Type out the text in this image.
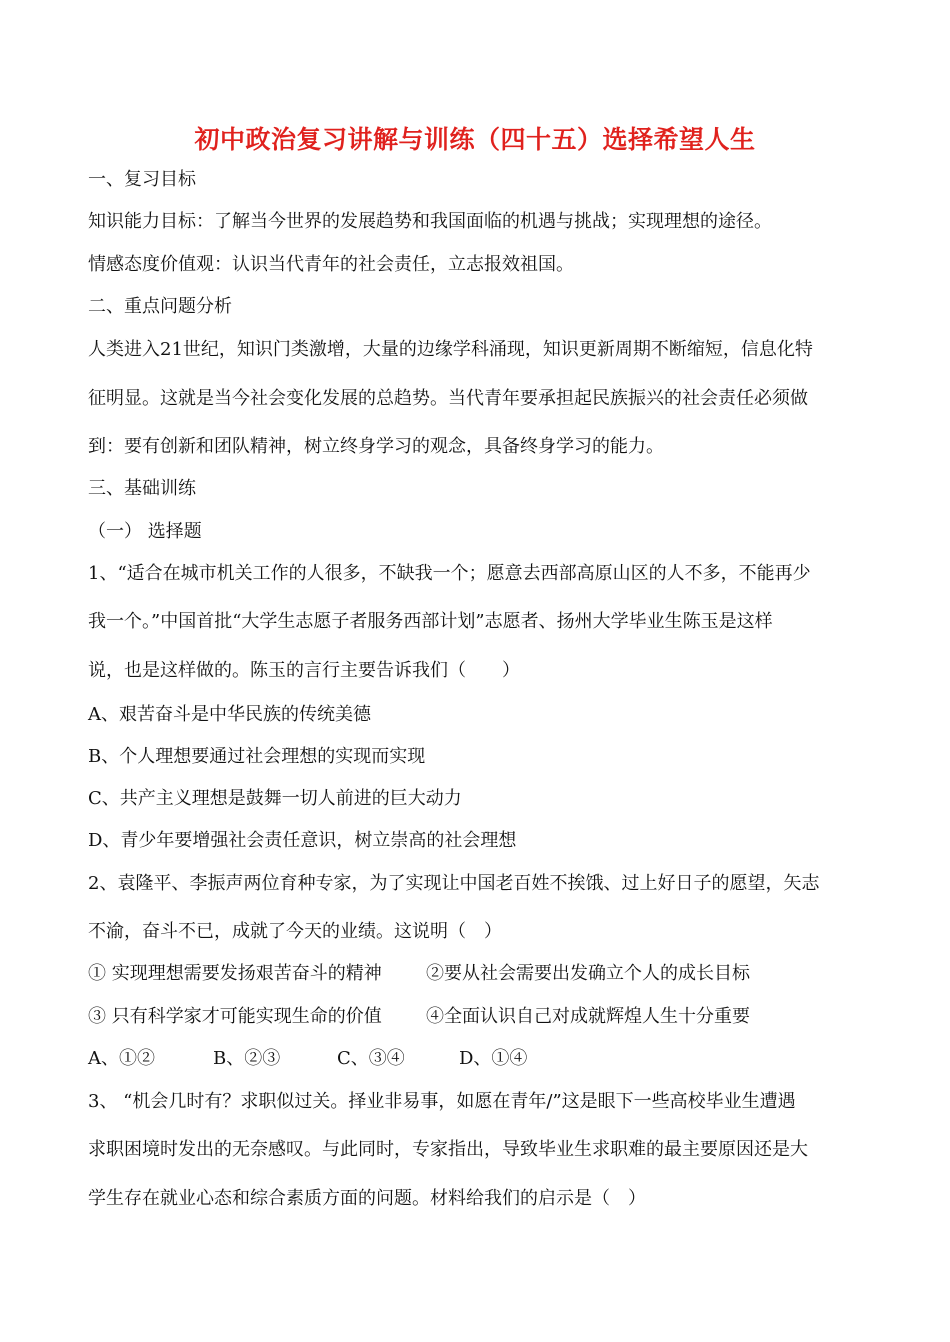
初中政治复习讲解与训练（四十五）选择希望人生
一、复习目标
知识能力目标：了解当今世界的发展趋势和我国面临的机遇与挑战；实现理想的途径。
情感态度价值观：认识当代青年的社会责任，立志报效祖国。
二、重点问题分析
人类进入21世纪，知识门类激增，大量的边缘学科涌现，知识更新周期不断缩短，信息化特
征明显。这就是当今社会变化发展的总趋势。当代青年要承担起民族振兴的社会责任必须做
到：要有创新和团队精神，树立终身学习的观念，具备终身学习的能力。
三、基础训练
（一） 选择题
1、“适合在城市机关工作的人很多，不缺我一个；愿意去西部高原山区的人不多，不能再少
我一个。”中国首批“大学生志愿子者服务西部计划”志愿者、扬州大学毕业生陈玉是这样
说，也是这样做的。陈玉的言行主要告诉我们（　　）
A、艰苦奋斗是中华民族的传统美德
B、个人理想要通过社会理想的实现而实现
C、共产主义理想是鼓舞一切人前进的巨大动力
D、青少年要增强社会责任意识，树立崇高的社会理想
2、袁隆平、李振声两位育种专家，为了实现让中国老百姓不挨饿、过上好日子的愿望，矢志
不渝，奋斗不已，成就了今天的业绩。这说明（　）
① 实现理想需要发扬艰苦奋斗的精神 ②要从社会需要出发确立个人的成长目标
③ 只有科学家才可能实现生命的价值 ④全面认识自己对成就辉煌人生十分重要
A、①②	B、②③	C、③④	D、①④
3、 “机会几时有？求职似过关。择业非易事，如愿在青年/”这是眼下一些高校毕业生遭遇
求职困境时发出的无奈感叹。与此同时，专家指出，导致毕业生求职难的最主要原因还是大
学生存在就业心态和综合素质方面的问题。材料给我们的启示是（　）
